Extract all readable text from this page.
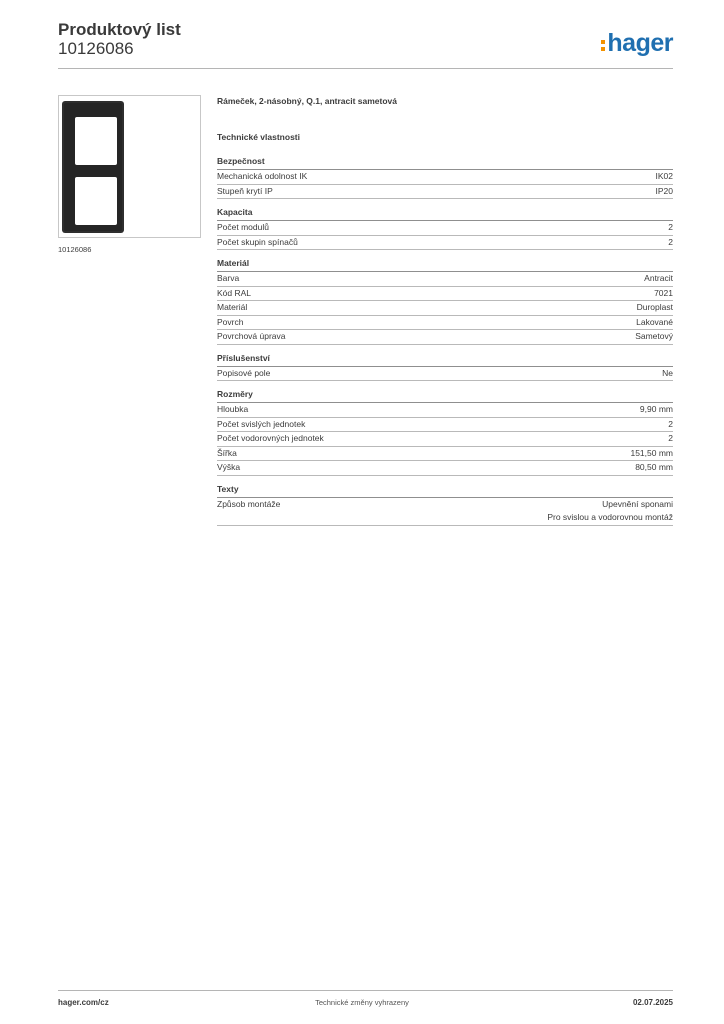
Produktový list
10126086	hager
10126086
Rámeček, 2-násobný, Q.1, antracit sametová
Technické vlastnosti
Bezpečnost
Mechanická odolnost IK	IK02
Stupeň krytí IP	IP20
Kapacita
Počet modulů	2
Počet skupin spínačů	2
Materiál
Barva	Antracit
Kód RAL	7021
Materiál	Duroplast
Povrch	Lakované
Povrchová úprava	Sametový
Příslušenství
Popisové pole	Ne
Rozměry
Hloubka	9,90 mm
Počet svislých jednotek	2
Počet vodorovných jednotek	2
Šířka	151,50 mm
Výška	80,50 mm
Texty
Způsob montáže	Upevnění sponami
Pro svislou a vodorovnou montáž
hager.com/cz	Technické změny vyhrazeny	02.07.2025
